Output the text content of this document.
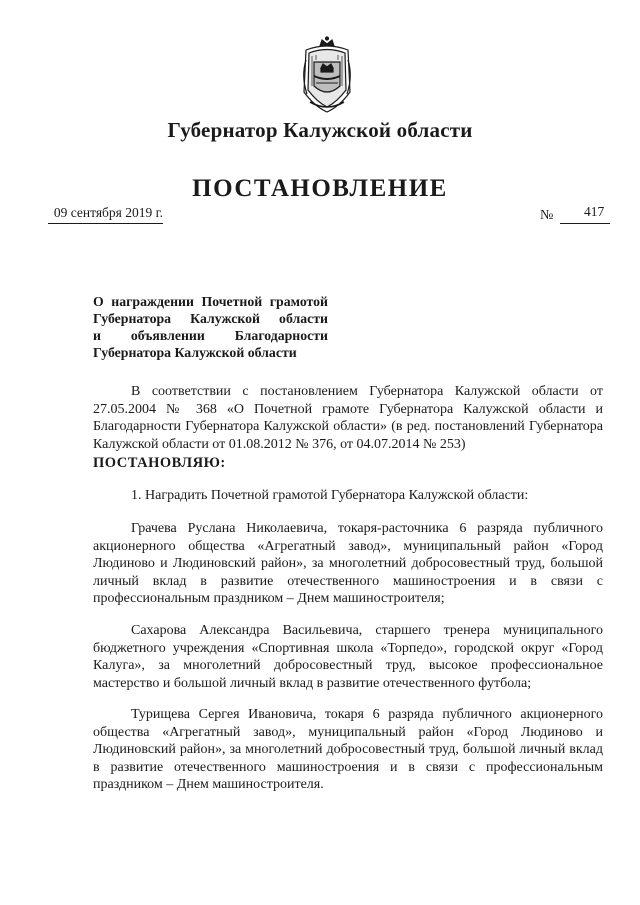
Губернатор Калужской области
ПОСТАНОВЛЕНИЕ
09 сентября 2019 г.	№ 417
О награждении Почетной грамотой
Губернатора Калужской области
и объявлении Благодарности
Губернатора Калужской области
В соответствии с постановлением Губернатора Калужской области от 27.05.2004 № 368 «О Почетной грамоте Губернатора Калужской области и Благодарности Губернатора Калужской области» (в ред. постановлений Губернатора Калужской области от 01.08.2012 № 376, от 04.07.2014 № 253)
ПОСТАНОВЛЯЮ:
1. Наградить Почетной грамотой Губернатора Калужской области:
Грачева Руслана Николаевича, токаря-расточника 6 разряда публичного акционерного общества «Агрегатный завод», муниципальный район «Город Людиново и Людиновский район», за многолетний добросовестный труд, большой личный вклад в развитие отечественного машиностроения и в связи с профессиональным праздником – Днем машиностроителя;
Сахарова Александра Васильевича, старшего тренера муниципального бюджетного учреждения «Спортивная школа «Торпедо», городской округ «Город Калуга», за многолетний добросовестный труд, высокое профессиональное мастерство и большой личный вклад в развитие отечественного футбола;
Турищева Сергея Ивановича, токаря 6 разряда публичного акционерного общества «Агрегатный завод», муниципальный район «Город Людиново и Людиновский район», за многолетний добросовестный труд, большой личный вклад в развитие отечественного машиностроения и в связи с профессиональным праздником – Днем машиностроителя.
